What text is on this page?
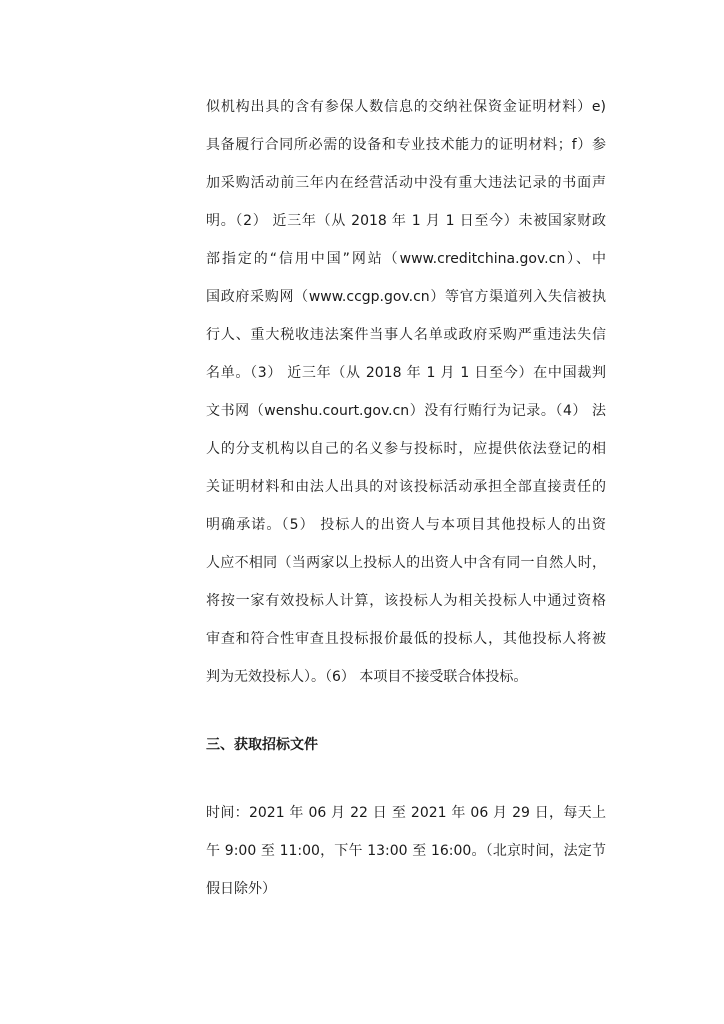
似机构出具的含有参保人数信息的交纳社保资金证明材料）e)
具备履行合同所必需的设备和专业技术能力的证明材料；f）参
加采购活动前三年内在经营活动中没有重大违法记录的书面声
明。（2） 近三年（从 2018 年 1 月 1 日至今）未被国家财政
部指定的“信用中国”网站（www.creditchina.gov.cn）、中
国政府采购网（www.ccgp.gov.cn）等官方渠道列入失信被执
行人、重大税收违法案件当事人名单或政府采购严重违法失信
名单。（3） 近三年（从 2018 年 1 月 1 日至今）在中国裁判
文书网（wenshu.court.gov.cn）没有行贿行为记录。（4） 法
人的分支机构以自己的名义参与投标时，应提供依法登记的相
关证明材料和由法人出具的对该投标活动承担全部直接责任的
明确承诺。（5） 投标人的出资人与本项目其他投标人的出资
人应不相同（当两家以上投标人的出资人中含有同一自然人时，
将按一家有效投标人计算，该投标人为相关投标人中通过资格
审查和符合性审查且投标报价最低的投标人，其他投标人将被
判为无效投标人）。（6） 本项目不接受联合体投标。
三、获取招标文件
时间：2021 年 06 月 22 日 至 2021 年 06 月 29 日，每天上
午 9:00 至 11:00，下午 13:00 至 16:00。（北京时间，法定节
假日除外）
